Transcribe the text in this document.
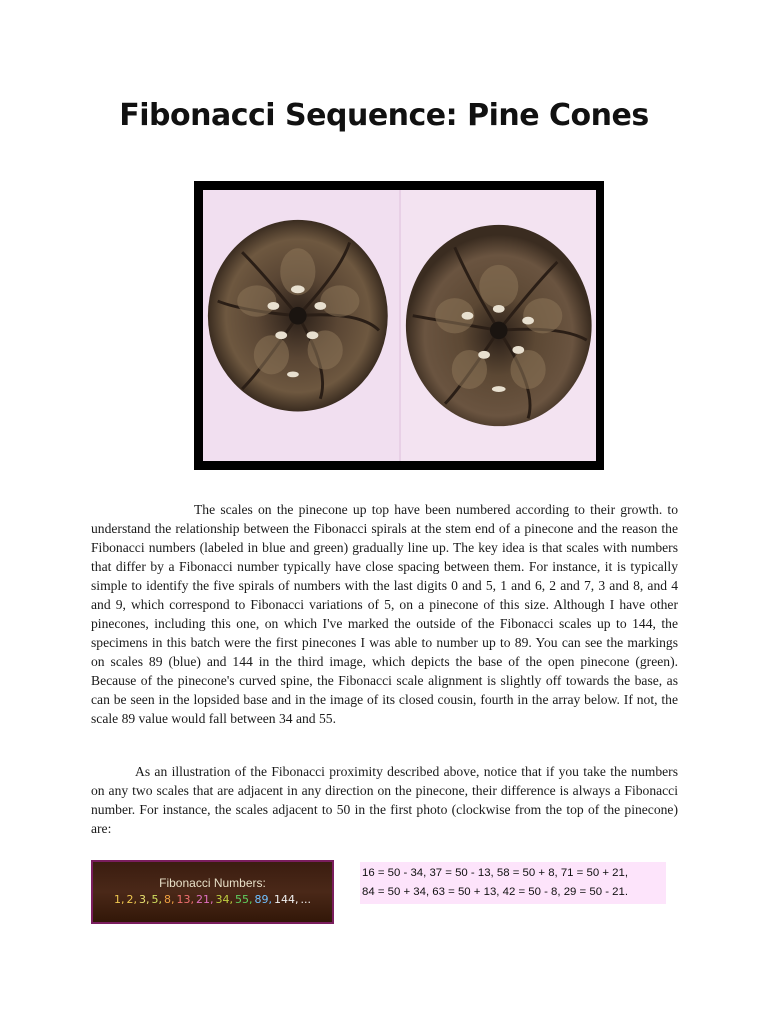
Fibonacci Sequence: Pine Cones
The scales on the pinecone up top have been numbered according to their growth. to understand the relationship between the Fibonacci spirals at the stem end of a pinecone and the reason the Fibonacci numbers (labeled in blue and green) gradually line up. The key idea is that scales with numbers that differ by a Fibonacci number typically have close spacing between them. For instance, it is typically simple to identify the five spirals of numbers with the last digits 0 and 5, 1 and 6, 2 and 7, 3 and 8, and 4 and 9, which correspond to Fibonacci variations of 5, on a pinecone of this size. Although I have other pinecones, including this one, on which I've marked the outside of the Fibonacci scales up to 144, the specimens in this batch were the first pinecones I was able to number up to 89. You can see the markings on scales 89 (blue) and 144 in the third image, which depicts the base of the open pinecone (green). Because of the pinecone's curved spine, the Fibonacci scale alignment is slightly off towards the base, as can be seen in the lopsided base and in the image of its closed cousin, fourth in the array below. If not, the scale 89 value would fall between 34 and 55.
As an illustration of the Fibonacci proximity described above, notice that if you take the numbers on any two scales that are adjacent in any direction on the pinecone, their difference is always a Fibonacci number. For instance, the scales adjacent to 50 in the first photo (clockwise from the top of the pinecone) are:
Fibonacci Numbers:
1, 2, 3, 5, 8, 13, 21, 34, 55, 89, 144, ...
16 = 50 - 34, 37 = 50 - 13, 58 = 50 + 8, 71 = 50 + 21,
84 = 50 + 34, 63 = 50 + 13, 42 = 50 - 8, 29 = 50 - 21.
